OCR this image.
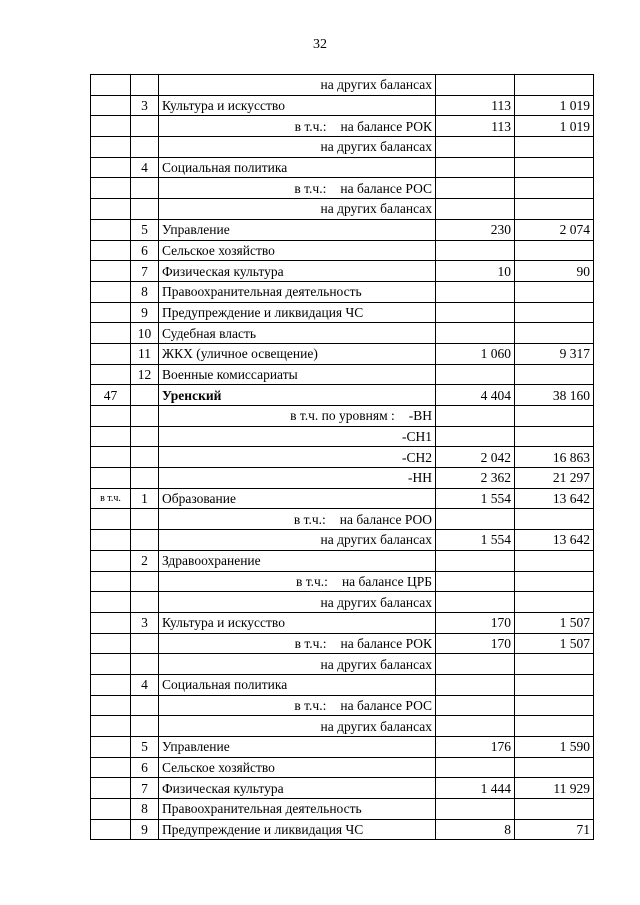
32
		на других балансах		
	3	Культура и искусство	113	1 019
		в т.ч.: на балансе РОК	113	1 019
		на других балансах		
	4	Социальная политика		
		в т.ч.: на балансе РОС		
		на других балансах		
	5	Управление	230	2 074
	6	Сельское хозяйство		
	7	Физическая культура	10	90
	8	Правоохранительная деятельность		
	9	Предупреждение и ликвидация ЧС		
	10	Судебная власть		
	11	ЖКХ (уличное освещение)	1 060	9 317
	12	Военные комиссариаты		
47		Уренский	4 404	38 160
		в т.ч. по уровням : -ВН		
		-СН1		
		-СН2	2 042	16 863
		-НН	2 362	21 297
в т.ч.	1	Образование	1 554	13 642
		в т.ч.: на балансе РОО		
		на других балансах	1 554	13 642
	2	Здравоохранение		
		в т.ч.: на балансе ЦРБ		
		на других балансах		
	3	Культура и искусство	170	1 507
		в т.ч.: на балансе РОК	170	1 507
		на других балансах		
	4	Социальная политика		
		в т.ч.: на балансе РОС		
		на других балансах		
	5	Управление	176	1 590
	6	Сельское хозяйство		
	7	Физическая культура	1 444	11 929
	8	Правоохранительная деятельность		
	9	Предупреждение и ликвидация ЧС	8	71
